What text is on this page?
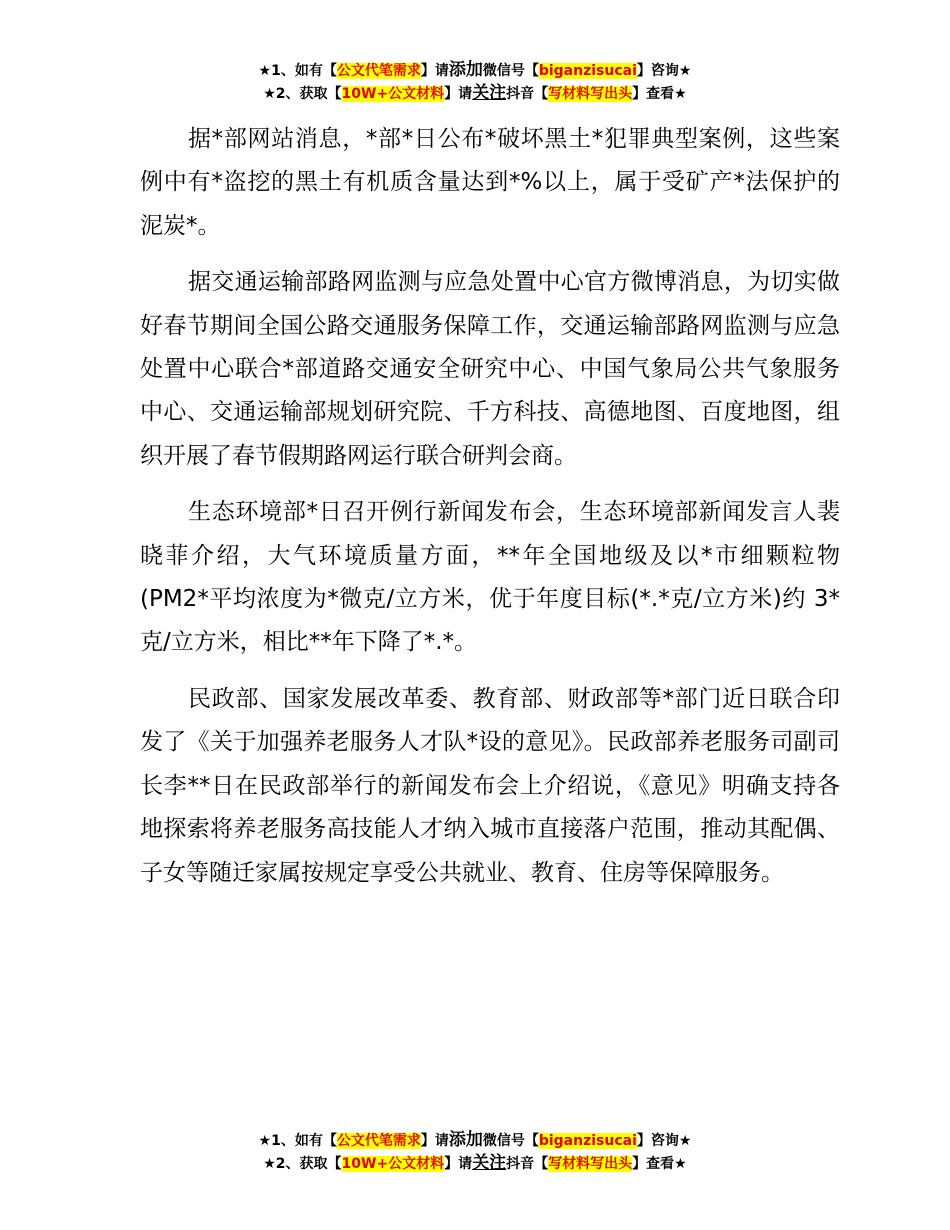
★1、如有【公文代笔需求】请添加微信号【biganzisucai】咨询★
★2、获取【10W+公文材料】请关注抖音【写材料写出头】查看★

据*部网站消息，*部*日公布*破坏黑土*犯罪典型案例，这些案例中有*盗挖的黑土有机质含量达到*%以上，属于受矿产*法保护的泥炭*。

据交通运输部路网监测与应急处置中心官方微博消息，为切实做好春节期间全国公路交通服务保障工作，交通运输部路网监测与应急处置中心联合*部道路交通安全研究中心、中国气象局公共气象服务中心、交通运输部规划研究院、千方科技、高德地图、百度地图，组织开展了春节假期路网运行联合研判会商。

生态环境部*日召开例行新闻发布会，生态环境部新闻发言人裴晓菲介绍，大气环境质量方面，**年全国地级及以*市细颗粒物(PM2*平均浓度为*微克/立方米，优于年度目标(*.*克/立方米)约 3*克/立方米，相比**年下降了*.*。

民政部、国家发展改革委、教育部、财政部等*部门近日联合印发了《关于加强养老服务人才队*设的意见》。民政部养老服务司副司长李**日在民政部举行的新闻发布会上介绍说，《意见》明确支持各地探索将养老服务高技能人才纳入城市直接落户范围，推动其配偶、子女等随迁家属按规定享受公共就业、教育、住房等保障服务。

★1、如有【公文代笔需求】请添加微信号【biganzisucai】咨询★
★2、获取【10W+公文材料】请关注抖音【写材料写出头】查看★
